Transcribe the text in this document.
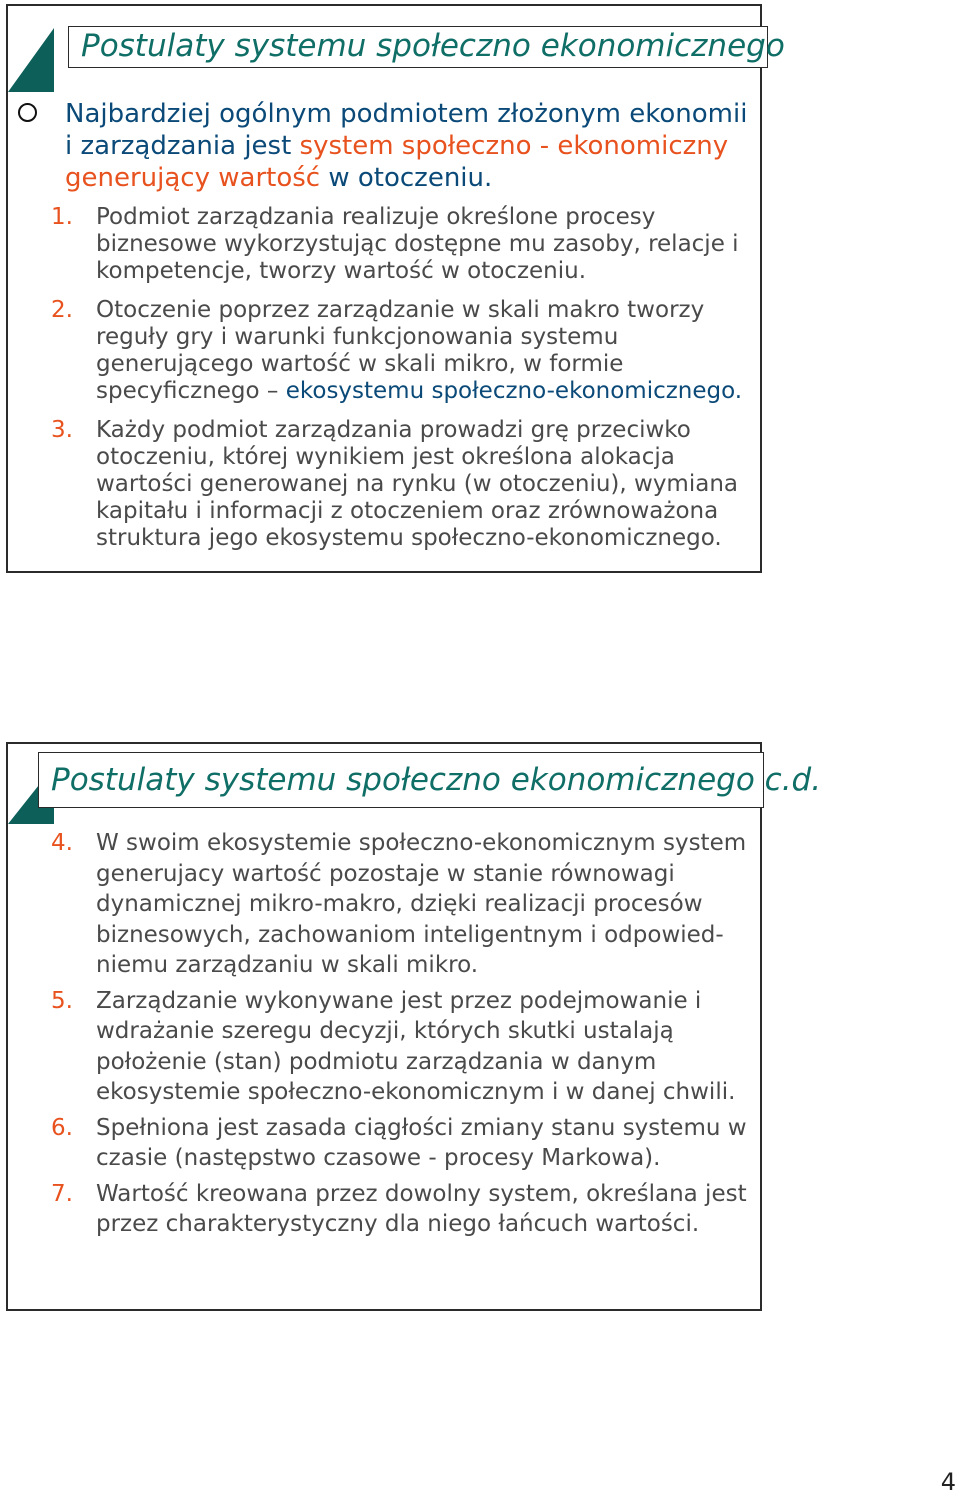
Postulaty systemu społeczno ekonomicznego
Najbardziej ogólnym podmiotem złożonym ekonomii i zarządzania jest system społeczno - ekonomiczny generujący wartość w otoczeniu.
1. Podmiot zarządzania realizuje określone procesy biznesowe wykorzystując dostępne mu zasoby, relacje i kompetencje, tworzy wartość w otoczeniu.
2. Otoczenie poprzez zarządzanie w skali makro tworzy reguły gry i warunki funkcjonowania systemu generującego wartość w skali mikro, w formie specyficznego – ekosystemu społeczno-ekonomicznego.
3. Każdy podmiot zarządzania prowadzi grę przeciwko otoczeniu, której wynikiem jest określona alokacja wartości generowanej na rynku (w otoczeniu), wymiana kapitału i informacji z otoczeniem oraz zrównoważona struktura jego ekosystemu społeczno-ekonomicznego.
Postulaty systemu społeczno ekonomicznego c.d.
4. W swoim ekosystemie społeczno-ekonomicznym system generujacy wartość pozostaje w stanie równowagi dynamicznej mikro-makro, dzięki realizacji procesów biznesowych, zachowaniom inteligentnym i odpowied-niemu zarządzaniu w skali mikro.
5. Zarządzanie wykonywane jest przez podejmowanie i wdrażanie szeregu decyzji, których skutki ustalają położenie (stan) podmiotu zarządzania w danym ekosystemie społeczno-ekonomicznym i w danej chwili.
6. Spełniona jest zasada ciągłości zmiany stanu systemu w czasie (następstwo czasowe - procesy Markowa).
7. Wartość kreowana przez dowolny system, określana jest przez charakterystyczny dla niego łańcuch wartości.
4
